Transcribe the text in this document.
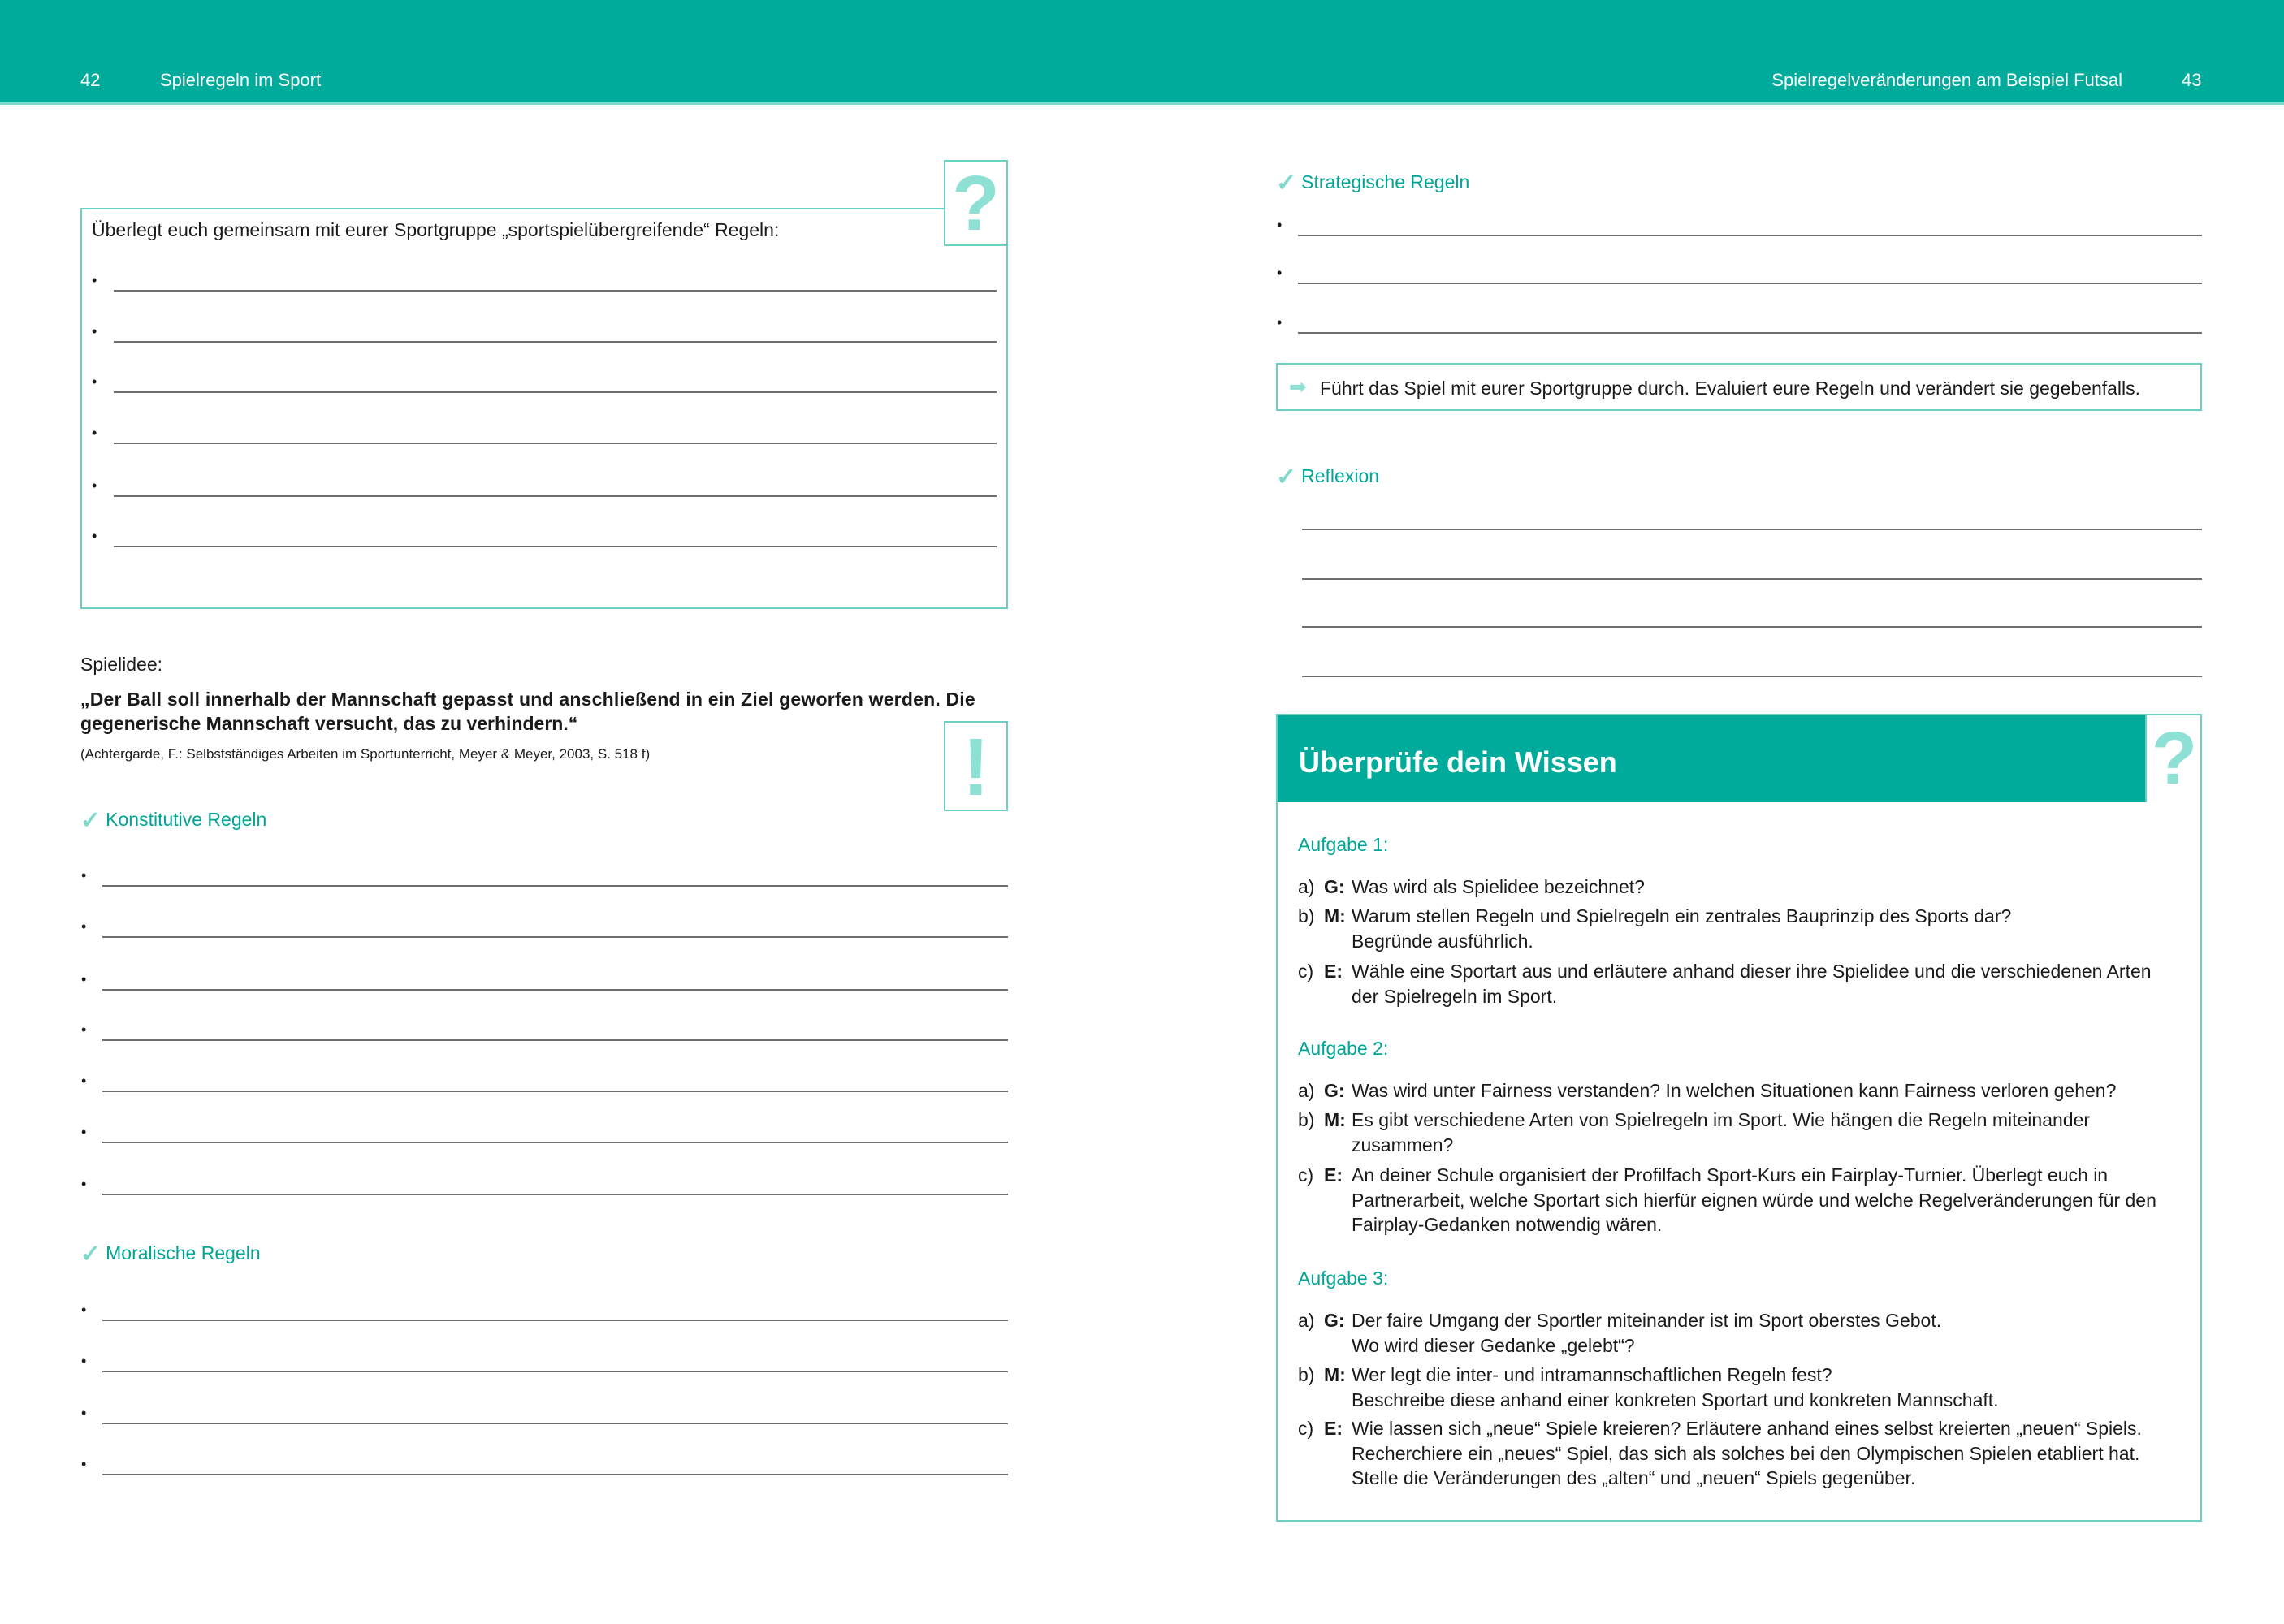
42	Spielregeln im Sport	Spielregelveränderungen am Beispiel Futsal	43
?
Überlegt euch gemeinsam mit eurer Sportgruppe „sportspielübergreifende“ Regeln:
Spielidee:
„Der Ball soll innerhalb der Mannschaft gepasst und anschließend in ein Ziel geworfen werden. Die
gegenerische Mannschaft versucht, das zu verhindern.“
(Achtergarde, F.: Selbstständiges Arbeiten im Sportunterricht, Meyer & Meyer, 2003, S. 518 f)	!
✓ Konstitutive Regeln
✓ Moralische Regeln
✓ Strategische Regeln
➡ Führt das Spiel mit eurer Sportgruppe durch. Evaluiert eure Regeln und verändert sie gegebenfalls.
✓ Reflexion
Überprüfe dein Wissen	?
•
•
•
•
•
•
•
•
•
•
•
•
•
•
•
•
•
•
•
•
Aufgabe 1:
a) G: Was wird als Spielidee bezeichnet?
b) M: Warum stellen Regeln und Spielregeln ein zentrales Bauprinzip des Sports dar?
Begründe ausführlich.
c) E: Wähle eine Sportart aus und erläutere anhand dieser ihre Spielidee und die verschiedenen Arten
der Spielregeln im Sport.
Aufgabe 2:
a) G: Was wird unter Fairness verstanden? In welchen Situationen kann Fairness verloren gehen?
b) M: Es gibt verschiedene Arten von Spielregeln im Sport. Wie hängen die Regeln miteinander
zusammen?
c) E: An deiner Schule organisiert der Profilfach Sport-Kurs ein Fairplay-Turnier. Überlegt euch in
Partnerarbeit, welche Sportart sich hierfür eignen würde und welche Regelveränderungen für den
Fairplay-Gedanken notwendig wären.
Aufgabe 3:
a) G: Der faire Umgang der Sportler miteinander ist im Sport oberstes Gebot.
Wo wird dieser Gedanke „gelebt“?
b) M: Wer legt die inter- und intramannschaftlichen Regeln fest?
Beschreibe diese anhand einer konkreten Sportart und konkreten Mannschaft.
c) E: Wie lassen sich „neue“ Spiele kreieren? Erläutere anhand eines selbst kreierten „neuen“ Spiels.
Recherchiere ein „neues“ Spiel, das sich als solches bei den Olympischen Spielen etabliert hat.
Stelle die Veränderungen des „alten“ und „neuen“ Spiels gegenüber.
